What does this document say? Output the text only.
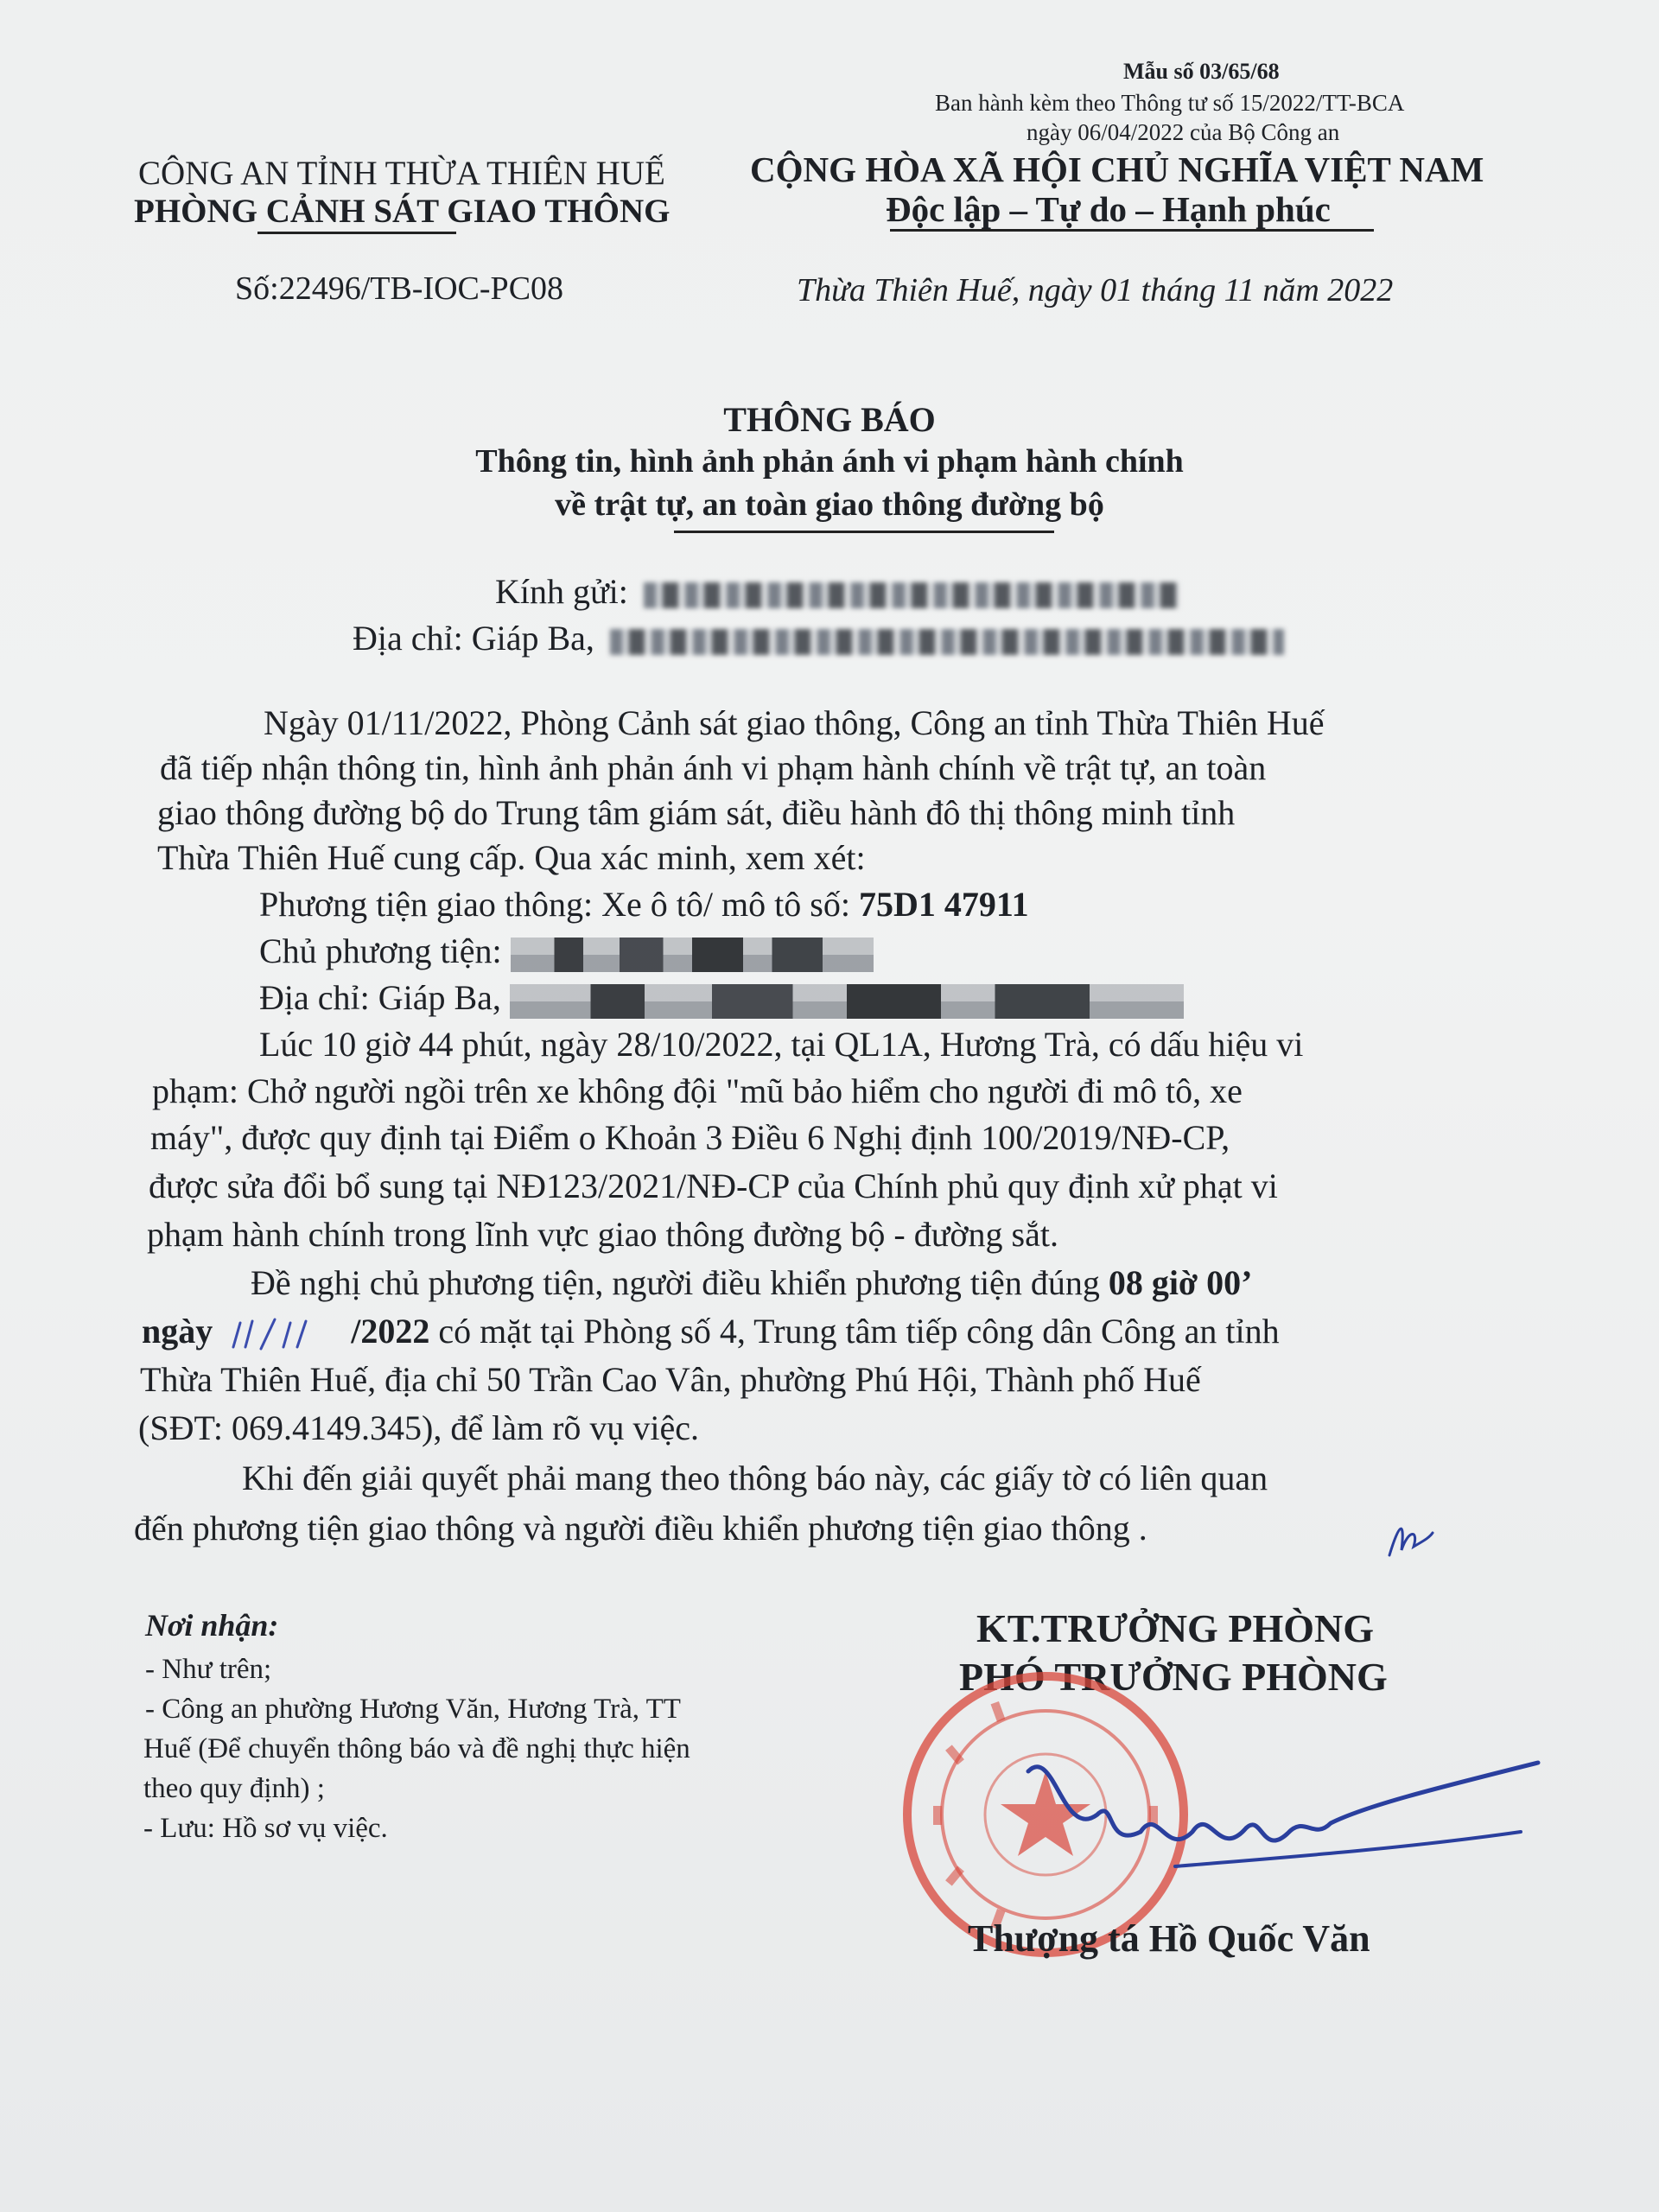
Mẫu số 03/65/68
Ban hành kèm theo Thông tư số 15/2022/TT-BCA
ngày 06/04/2022 của Bộ Công an
CÔNG AN TỈNH THỪA THIÊN HUẾ
PHÒNG CẢNH SÁT GIAO THÔNG
CỘNG HÒA XÃ HỘI CHỦ NGHĨA VIỆT NAM
Độc lập – Tự do – Hạnh phúc
Số:22496/TB-IOC-PC08	Thừa Thiên Huế, ngày 01 tháng 11 năm 2022
THÔNG BÁO
Thông tin, hình ảnh phản ánh vi phạm hành chính
về trật tự, an toàn giao thông đường bộ
Kính gửi:
Địa chỉ: Giáp Ba,
Ngày 01/11/2022, Phòng Cảnh sát giao thông, Công an tỉnh Thừa Thiên Huế
đã tiếp nhận thông tin, hình ảnh phản ánh vi phạm hành chính về trật tự, an toàn
giao thông đường bộ do Trung tâm giám sát, điều hành đô thị thông minh tỉnh
Thừa Thiên Huế cung cấp. Qua xác minh, xem xét:
Phương tiện giao thông: Xe ô tô/ mô tô số: 75D1 47911
Chủ phương tiện:
Địa chỉ: Giáp Ba,
Lúc 10 giờ 44 phút, ngày 28/10/2022, tại QL1A, Hương Trà, có dấu hiệu vi
phạm: Chở người ngồi trên xe không đội "mũ bảo hiểm cho người đi mô tô, xe
máy", được quy định tại Điểm o Khoản 3 Điều 6 Nghị định 100/2019/NĐ-CP,
được sửa đổi bổ sung tại NĐ123/2021/NĐ-CP của Chính phủ quy định xử phạt vi
phạm hành chính trong lĩnh vực giao thông đường bộ - đường sắt.
Đề nghị chủ phương tiện, người điều khiển phương tiện đúng 08 giờ 00’
ngày	/2022 có mặt tại Phòng số 4, Trung tâm tiếp công dân Công an tỉnh
Thừa Thiên Huế, địa chỉ 50 Trần Cao Vân, phường Phú Hội, Thành phố Huế
(SĐT: 069.4149.345), để làm rõ vụ việc.
Khi đến giải quyết phải mang theo thông báo này, các giấy tờ có liên quan
đến phương tiện giao thông và người điều khiển phương tiện giao thông .
Nơi nhận:
- Như trên;
- Công an phường Hương Văn, Hương Trà, TT
Huế (Để chuyển thông báo và đề nghị thực hiện
theo quy định) ;
- Lưu: Hồ sơ vụ việc.
KT.TRƯỞNG PHÒNG
PHÓ TRƯỞNG PHÒNG
Thượng tá Hồ Quốc Văn
